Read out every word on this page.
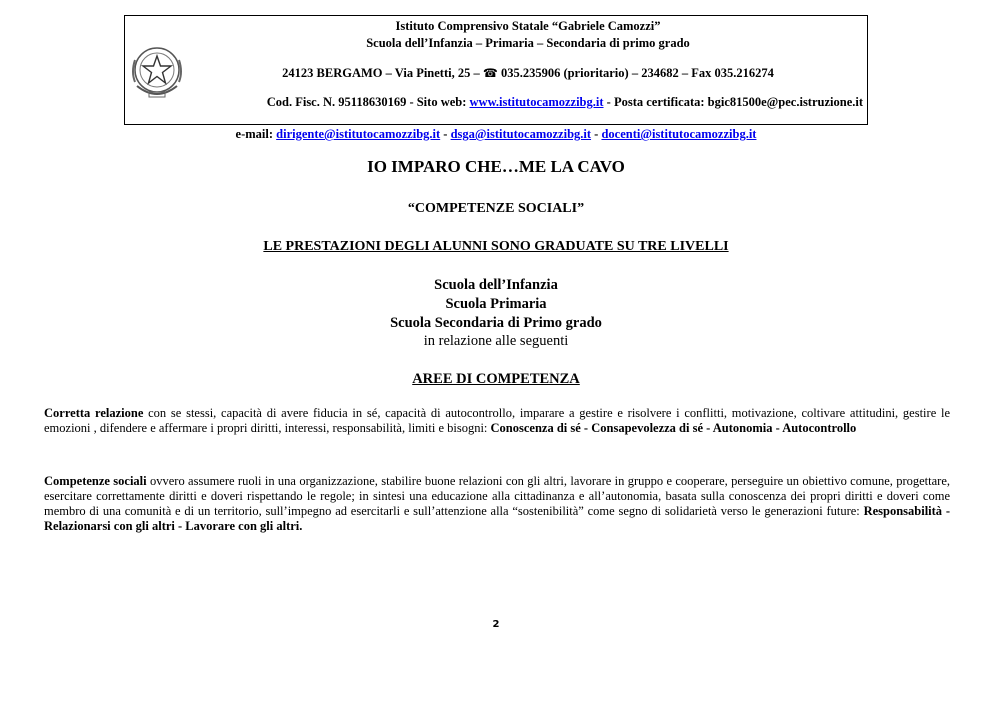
Istituto Comprensivo Statale “Gabriele Camozzi”
Scuola dell’Infanzia – Primaria – Secondaria di primo grado
24123 BERGAMO – Via Pinetti, 25 – ☎ 035.235906 (prioritario) – 234682 – Fax 035.216274
Cod. Fisc. N. 95118630169 - Sito web: www.istitutocamozzibg.it - Posta certificata: bgic81500e@pec.istruzione.it
e-mail: dirigente@istitutocamozzibg.it - dsga@istitutocamozzibg.it - docenti@istitutocamozzibg.it
IO IMPARO CHE…ME LA CAVO
“COMPETENZE SOCIALI”
LE PRESTAZIONI DEGLI ALUNNI SONO GRADUATE SU TRE LIVELLI
Scuola dell’Infanzia
Scuola Primaria
Scuola Secondaria di Primo grado
in relazione alle seguenti
AREE DI COMPETENZA
Corretta relazione con se stessi, capacità di avere fiducia in sé, capacità di autocontrollo, imparare a gestire e risolvere i conflitti, motivazione, coltivare attitudini, gestire le emozioni , difendere e affermare i propri diritti, interessi, responsabilità, limiti e bisogni: Conoscenza di sé - Consapevolezza di sé - Autonomia - Autocontrollo
Competenze sociali ovvero assumere ruoli in una organizzazione, stabilire buone relazioni con gli altri, lavorare in gruppo e cooperare, perseguire un obiettivo comune, progettare, esercitare correttamente diritti e doveri rispettando le regole; in sintesi una educazione alla cittadinanza e all’autonomia, basata sulla conoscenza dei propri diritti e doveri come membro di una comunità e di un territorio, sull’impegno ad esercitarli e sull’attenzione alla “sostenibilità” come segno di solidarietà verso le generazioni future: Responsabilità - Relazionarsi con gli altri - Lavorare con gli altri.
2
